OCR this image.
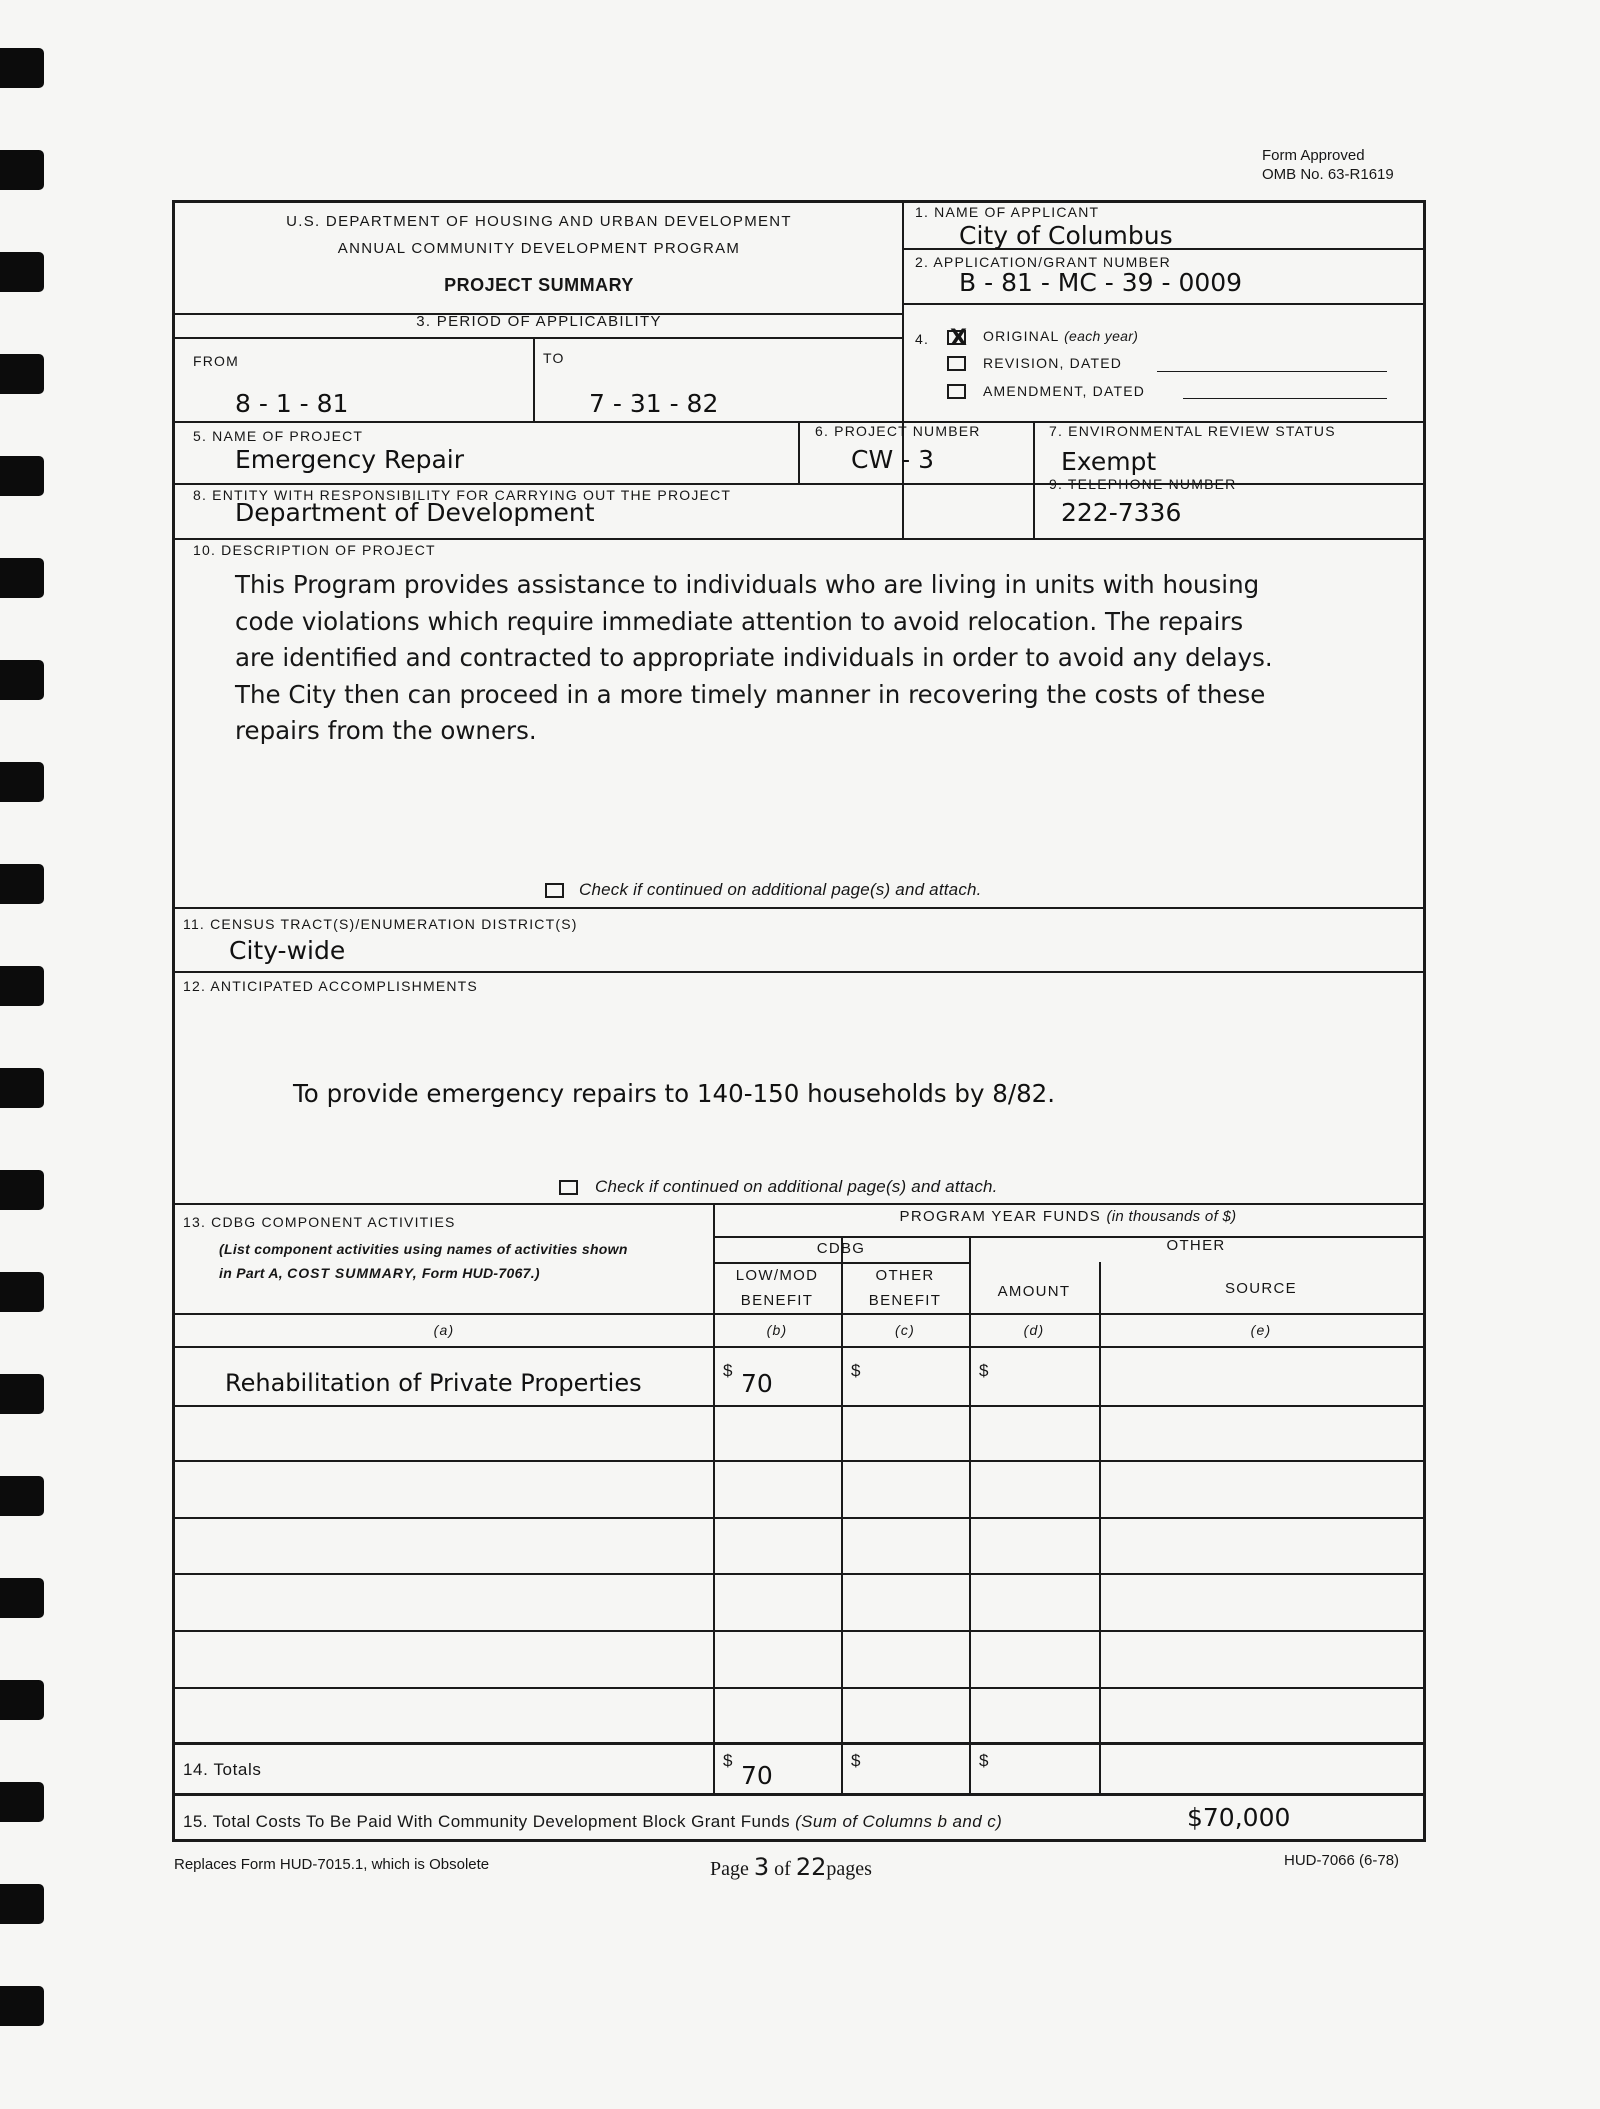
Form Approved
OMB No. 63-R1619
U.S. DEPARTMENT OF HOUSING AND URBAN DEVELOPMENT
ANNUAL COMMUNITY DEVELOPMENT PROGRAM
PROJECT SUMMARY
1. NAME OF APPLICANT
City of Columbus
2. APPLICATION/GRANT NUMBER
B - 81 - MC - 39 - 0009
3. PERIOD OF APPLICABILITY
FROM
8 - 1 - 81
TO
7 - 31 - 82
4.
X	ORIGINAL (each year)
REVISION, DATED
AMENDMENT, DATED
5. NAME OF PROJECT
Emergency Repair
6. PROJECT NUMBER
CW - 3
7. ENVIRONMENTAL REVIEW STATUS
Exempt
8. ENTITY WITH RESPONSIBILITY FOR CARRYING OUT THE PROJECT
Department of Development
9. TELEPHONE NUMBER
222-7336
10. DESCRIPTION OF PROJECT

This Program provides assistance to individuals who are living in units with housing

code violations which require immediate attention to avoid relocation. The repairs

are identified and contracted to appropriate individuals in order to avoid any delays.

The City then can proceed in a more timely manner in recovering the costs of these

repairs from the owners.

Check if continued on additional page(s) and attach.
11. CENSUS TRACT(S)/ENUMERATION DISTRICT(S)
City-wide
12. ANTICIPATED ACCOMPLISHMENTS
To provide emergency repairs to 140-150 households by 8/82.
Check if continued on additional page(s) and attach.
13. CDBG COMPONENT ACTIVITIES
(List component activities using names of activities shown
in Part A, COST SUMMARY, Form HUD-7067.)
PROGRAM YEAR FUNDS (in thousands of $)
CDBG	OTHER
LOW/MOD
BENEFIT
OTHER
BENEFIT
AMOUNT	SOURCE
(a)	(b)	(c)	(d)	(e)
Rehabilitation of Private Properties	$ 70	$	$
14. Totals	$
70
$	$
15. Total Costs To Be Paid With Community Development Block Grant Funds (Sum of Columns b and c)	$70,000
Replaces Form HUD-7015.1, which is Obsolete	Page 3 of 22pages	HUD-7066 (6-78)
